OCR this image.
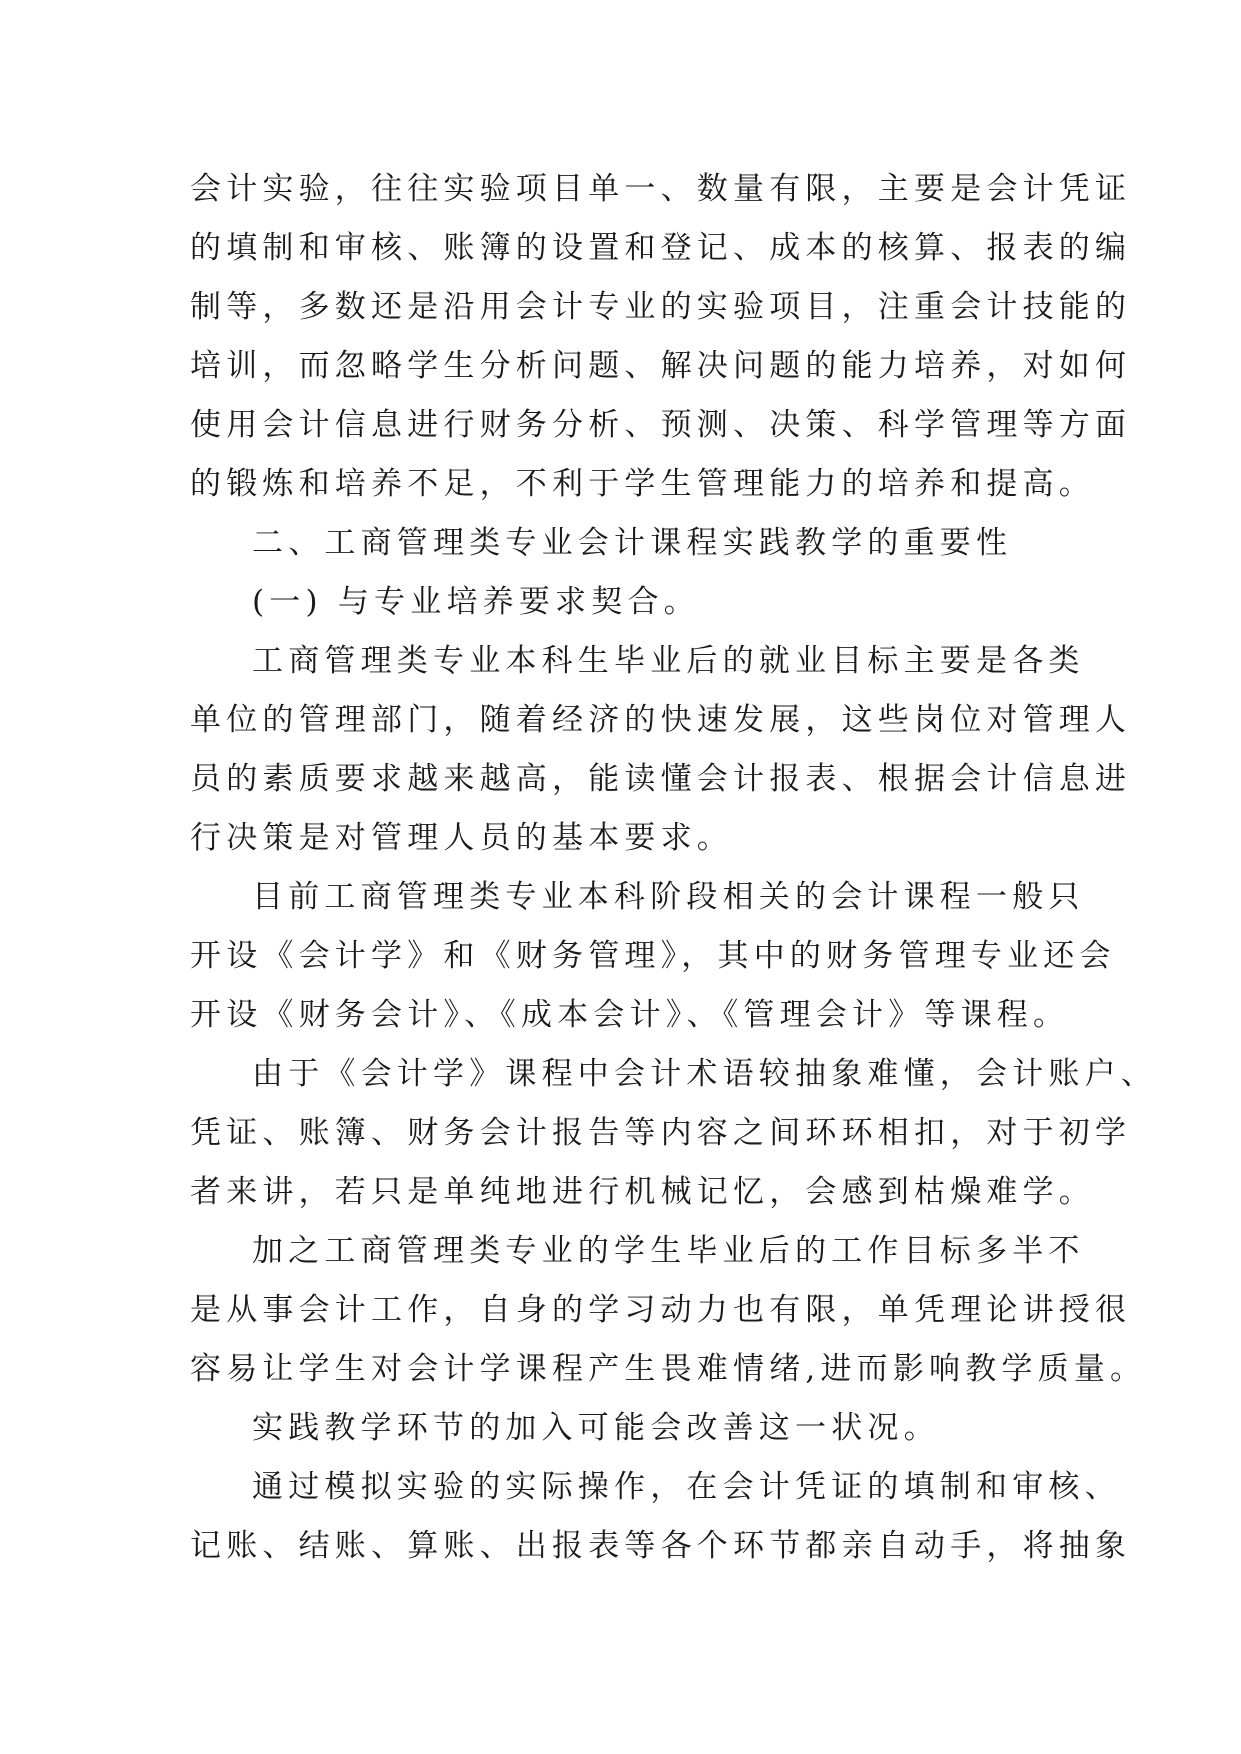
会计实验，往往实验项目单一、数量有限，主要是会计凭证
的填制和审核、账簿的设置和登记、成本的核算、报表的编
制等，多数还是沿用会计专业的实验项目，注重会计技能的
培训，而忽略学生分析问题、解决问题的能力培养，对如何
使用会计信息进行财务分析、预测、决策、科学管理等方面
的锻炼和培养不足，不利于学生管理能力的培养和提高。
二、工商管理类专业会计课程实践教学的重要性
(一) 与专业培养要求契合。
工商管理类专业本科生毕业后的就业目标主要是各类
单位的管理部门，随着经济的快速发展，这些岗位对管理人
员的素质要求越来越高，能读懂会计报表、根据会计信息进
行决策是对管理人员的基本要求。
目前工商管理类专业本科阶段相关的会计课程一般只
开设《会计学》和《财务管理》，其中的财务管理专业还会
开设《财务会计》、《成本会计》、《管理会计》等课程。
由于《会计学》课程中会计术语较抽象难懂，会计账户、
凭证、账簿、财务会计报告等内容之间环环相扣，对于初学
者来讲，若只是单纯地进行机械记忆，会感到枯燥难学。
加之工商管理类专业的学生毕业后的工作目标多半不
是从事会计工作，自身的学习动力也有限，单凭理论讲授很
容易让学生对会计学课程产生畏难情绪,进而影响教学质量。
实践教学环节的加入可能会改善这一状况。
通过模拟实验的实际操作，在会计凭证的填制和审核、
记账、结账、算账、出报表等各个环节都亲自动手，将抽象
